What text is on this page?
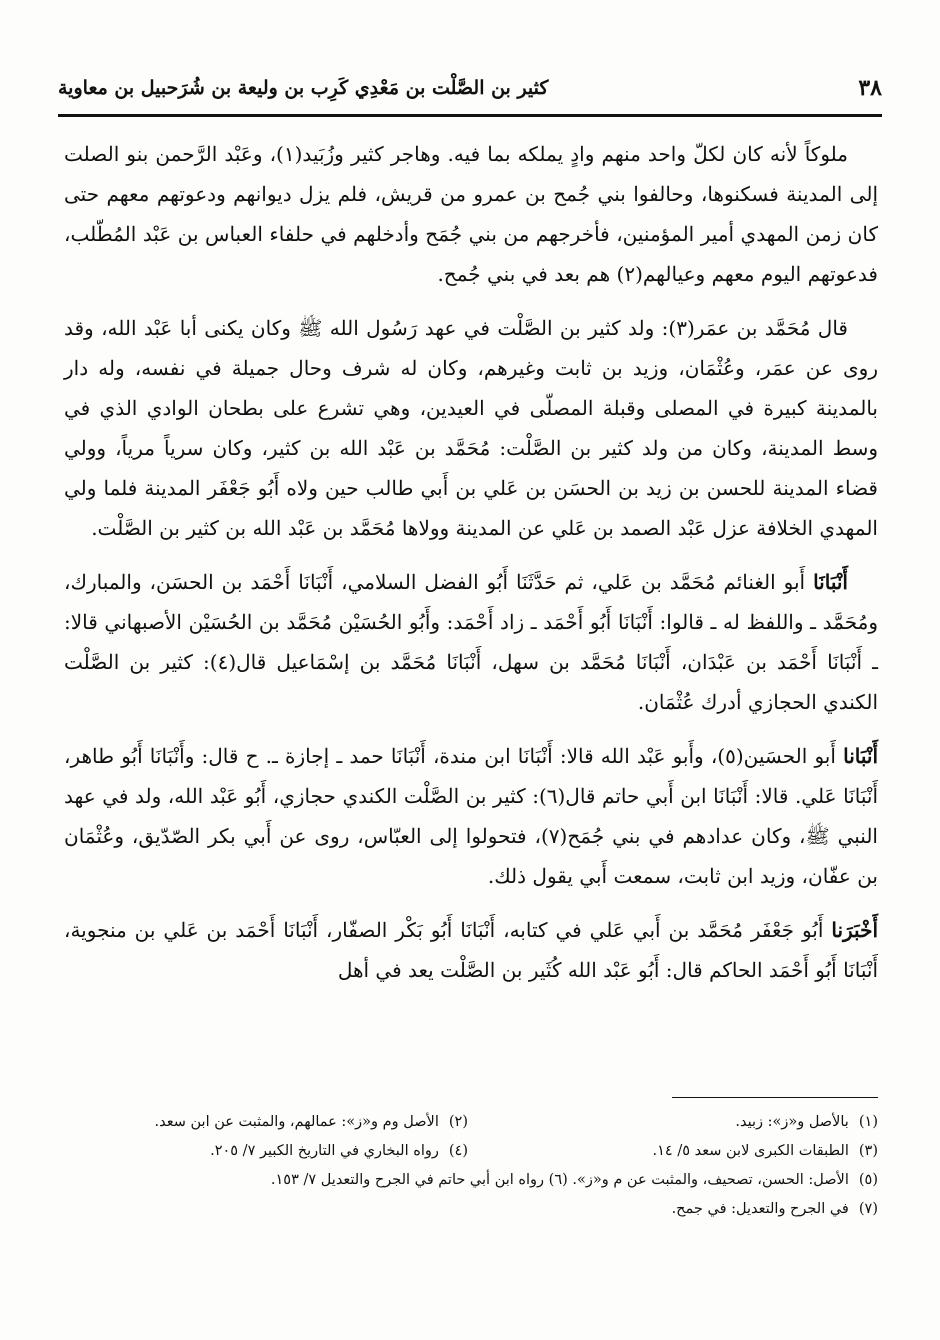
٣٨
كثير بن الصَّلْت بن مَعْدِي كَرِب بن وليعة بن شُرَحبيل بن معاوية

ملوكاً لأنه كان لكلّ واحد منهم وادٍ يملكه بما فيه. وهاجر كثير وزُبَيد(١)، وعَبْد الرَّحمن بنو الصلت إلى المدينة فسكنوها، وحالفوا بني جُمح بن عمرو من قريش، فلم يزل ديوانهم ودعوتهم معهم حتى كان زمن المهدي أمير المؤمنين، فأخرجهم من بني جُمَح وأدخلهم في حلفاء العباس بن عَبْد المُطّلب، فدعوتهم اليوم معهم وعيالهم(٢) هم بعد في بني جُمح.

قال مُحَمَّد بن عمَر(٣): ولد كثير بن الصَّلْت في عهد رَسُول الله ﷺ وكان يكنى أبا عَبْد الله، وقد روى عن عمَر، وعُثْمَان، وزيد بن ثابت وغيرهم، وكان له شرف وحال جميلة في نفسه، وله دار بالمدينة كبيرة في المصلى وقبلة المصلّى في العيدين، وهي تشرع على بطحان الوادي الذي في وسط المدينة، وكان من ولد كثير بن الصَّلْت: مُحَمَّد بن عَبْد الله بن كثير، وكان سرياً مرياً، وولي قضاء المدينة للحسن بن زيد بن الحسَن بن عَلي بن أَبي طالب حين ولاه أَبُو جَعْفَر المدينة فلما ولي المهدي الخلافة عزل عَبْد الصمد بن عَلي عن المدينة وولاها مُحَمَّد بن عَبْد الله بن كثير بن الصَّلْت.

أَنْبَانَا أَبو الغنائم مُحَمَّد بن عَلي، ثم حَدَّثَنَا أَبُو الفضل السلامي، أَنْبَانَا أَحْمَد بن الحسَن، والمبارك، ومُحَمَّد ـ واللفظ له ـ قالوا: أَنْبَانَا أَبُو أَحْمَد ـ زاد أَحْمَد: وأَبُو الحُسَيْن مُحَمَّد بن الحُسَيْن الأصبهاني قالا: ـ أَنْبَانَا أَحْمَد بن عَبْدَان، أَنْبَانَا مُحَمَّد بن سهل، أَنْبَانَا مُحَمَّد بن إسْمَاعيل قال(٤): كثير بن الصَّلْت الكندي الحجازي أدرك عُثْمَان.

أَنْبَانا أَبو الحسَين(٥)، وأَبو عَبْد الله قالا: أَنْبَانَا ابن مندة، أَنْبَانَا حمد ـ إجازة ـ. ح قال: وأَنْبَانَا أَبُو طاهر، أَنْبَانَا عَلي. قالا: أَنْبَانَا ابن أَبي حاتم قال(٦): كثير بن الصَّلْت الكندي حجازي، أَبُو عَبْد الله، ولد في عهد النبي ﷺ، وكان عدادهم في بني جُمَح(٧)، فتحولوا إلى العبّاس، روى عن أَبي بكر الصّدّيق، وعُثْمَان بن عفّان، وزيد ابن ثابت، سمعت أَبي يقول ذلك.

أَخْبَرَنا أَبُو جَعْفَر مُحَمَّد بن أَبي عَلي في كتابه، أَنْبَانَا أَبُو بَكْر الصفّار، أَنْبَانَا أَحْمَد بن عَلي بن منجوية، أَنْبَانَا أَبُو أَحْمَد الحاكم قال: أَبُو عَبْد الله كُثَير بن الصَّلْت يعد في أهل

(١)بالأصل و«ز»: زبيد.
(٢)الأصل وم و«ز»: عمالهم، والمثبت عن ابن سعد.
(٣)الطبقات الكبرى لابن سعد ٥/ ١٤.
(٤)رواه البخاري في التاريخ الكبير ٧/ ٢٠٥.
(٥)الأصل: الحسن، تصحيف، والمثبت عن م و«ز». (٦) رواه ابن أبي حاتم في الجرح والتعديل ٧/ ١٥٣.
(٧)في الجرح والتعديل: في جمح.
